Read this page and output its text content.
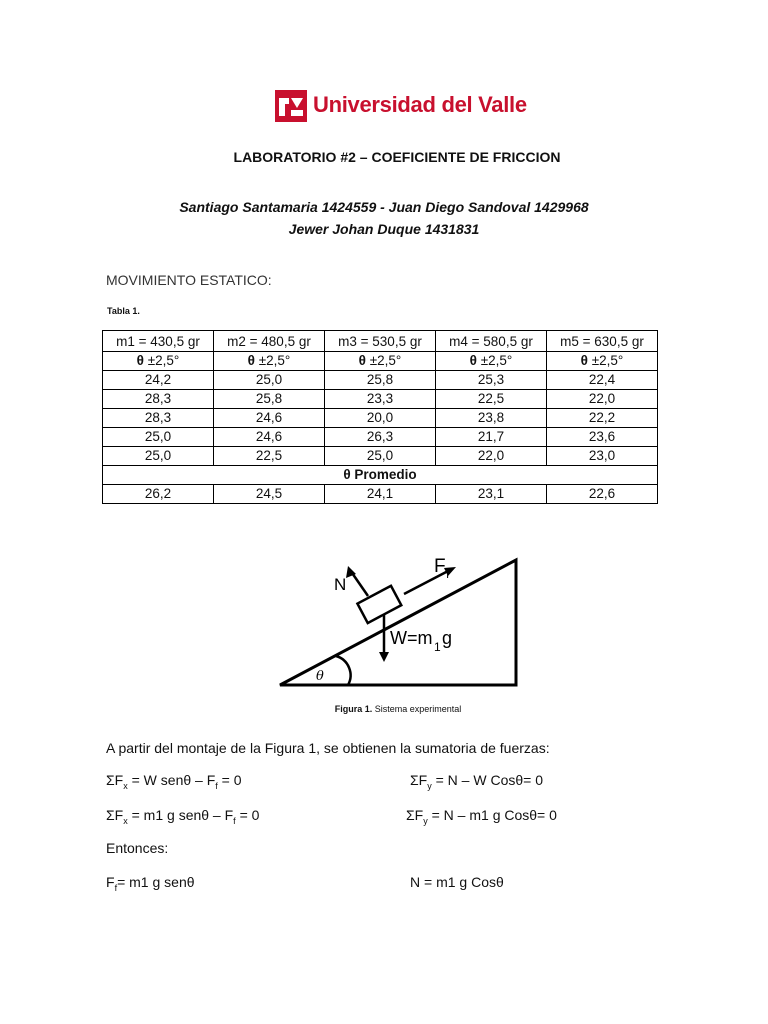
Universidad del Valle
LABORATORIO #2 – COEFICIENTE DE FRICCION
Santiago Santamaria 1424559 - Juan Diego Sandoval 1429968
Jewer Johan Duque 1431831
MOVIMIENTO ESTATICO:
Tabla 1.
m1 = 430,5 gr	m2 = 480,5 gr	m3 = 530,5 gr	m4 = 580,5 gr	m5 = 630,5 gr
θ ±2,5°	θ ±2,5°	θ ±2,5°	θ ±2,5°	θ ±2,5°
24,2	25,0	25,8	25,3	22,4
28,3	25,8	23,3	22,5	22,0
28,3	24,6	20,0	23,8	22,2
25,0	24,6	26,3	21,7	23,6
25,0	22,5	25,0	22,0	23,0
θ Promedio				
26,2	24,5	24,1	23,1	22,6
θ
N
F f
W=m 1 g
Figura 1. Sistema experimental
A partir del montaje de la Figura 1, se obtienen la sumatoria de fuerzas:
$\Sigma F_x = W$ $sen\theta - F_f = 0$	$\Sigma F_y = N - W$ Cosθ= 0
$\Sigma F_x = m1$ g $sen\theta - F_f = 0$	$\Sigma F_y = N - m1$ g Cosθ= 0
Entonces:
$F_f= m1$ g senθ	N = m1 g Cosθ
